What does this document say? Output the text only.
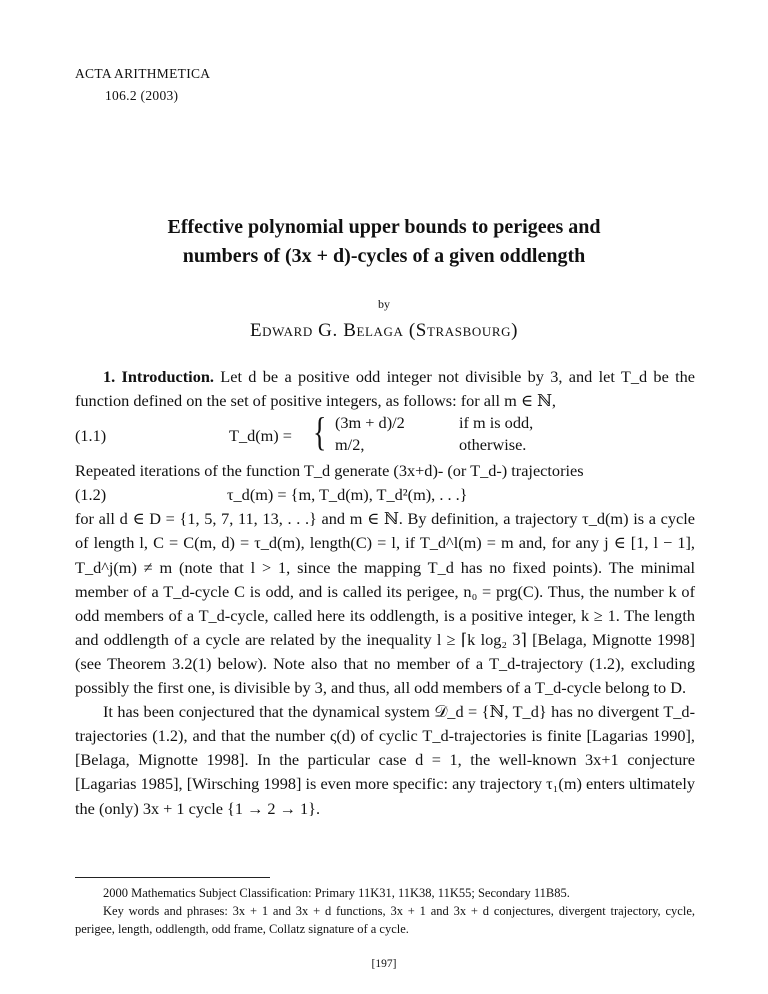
ACTA ARITHMETICA
106.2 (2003)
Effective polynomial upper bounds to perigees and
numbers of (3x + d)-cycles of a given oddlength
by
Edward G. Belaga (Strasbourg)

1. Introduction. Let d be a positive odd integer not divisible by 3, and let T_d be the function defined on the set of positive integers, as follows: for all m ∈ ℕ,

(1.1)	T_d(m) = { (3m + d)/2	if m is odd,
m/2,	otherwise.

Repeated iterations of the function T_d generate (3x+d)- (or T_d-) trajectories

(1.2)	τ_d(m) = {m, T_d(m), T_d²(m), . . .}

for all d ∈ D = {1, 5, 7, 11, 13, . . .} and m ∈ ℕ. By definition, a trajectory τ_d(m) is a cycle of length l, C = C(m, d) = τ_d(m), length(C) = l, if T_d^l(m) = m and, for any j ∈ [1, l − 1], T_d^j(m) ≠ m (note that l > 1, since the mapping T_d has no fixed points). The minimal member of a T_d-cycle C is odd, and is called its perigee, n₀ = prg(C). Thus, the number k of odd members of a T_d-cycle, called here its oddlength, is a positive integer, k ≥ 1. The length and oddlength of a cycle are related by the inequality l ≥ ⌈k log₂ 3⌉ [Belaga, Mignotte 1998] (see Theorem 3.2(1) below). Note also that no member of a T_d-trajectory (1.2), excluding possibly the first one, is divisible by 3, and thus, all odd members of a T_d-cycle belong to D.

It has been conjectured that the dynamical system 𝒟_d = {ℕ, T_d} has no divergent T_d-trajectories (1.2), and that the number ς(d) of cyclic T_d-trajectories is finite [Lagarias 1990], [Belaga, Mignotte 1998]. In the particular case d = 1, the well-known 3x+1 conjecture [Lagarias 1985], [Wirsching 1998] is even more specific: any trajectory τ₁(m) enters ultimately the (only) 3x + 1 cycle {1 → 2 → 1}.

2000 Mathematics Subject Classification: Primary 11K31, 11K38, 11K55; Secondary 11B85.

Key words and phrases: 3x + 1 and 3x + d functions, 3x + 1 and 3x + d conjectures, divergent trajectory, cycle, perigee, length, oddlength, odd frame, Collatz signature of a cycle.

[197]
